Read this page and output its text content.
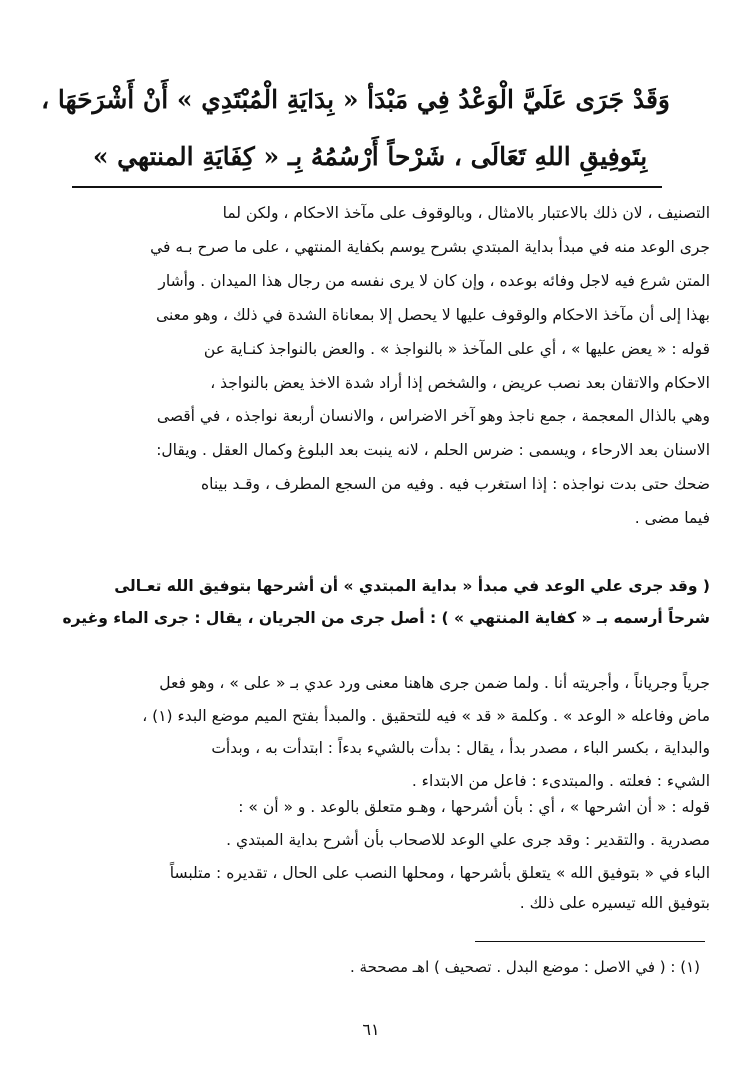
وَقَدْ جَرَى عَلَيَّ الْوَعْدُ فِي مَبْدَأ « بِدَايَةِ الْمُبْتَدِي » أَنْ أَشْرَحَهَا ،
بِتَوفِيقِ اللهِ تَعَالَى ، شَرْحاً أَرْسُمُهُ بِـ « كِفَايَةِ المنتهي »
التصنيف ، لان ذلك بالاعتبار بالامثال ، وبالوقوف على مآخذ الاحكام ، ولكن لما
جرى الوعد منه في مبدأ بداية المبتدي بشرح يوسم بكفاية المنتهي ، على ما صرح بـه في
المتن شرع فيه لاجل وفائه بوعده ، وإن كان لا يرى نفسه من رجال هذا الميدان . وأشار
بهذا إلى أن مآخذ الاحكام والوقوف عليها لا يحصل إلا بمعاناة الشدة في ذلك ، وهو معنى
قوله : « يعض عليها » ، أي على المآخذ « بالنواجذ » . والعض بالنواجذ كنـاية عن
الاحكام والاتقان بعد نصب عريض ، والشخص إذا أراد شدة الاخذ يعض بالنواجذ ،
وهي بالذال المعجمة ، جمع ناجذ وهو آخر الاضراس ، والانسان أربعة نواجذه ، في أقصى
الاسنان بعد الارحاء ، ويسمى : ضرس الحلم ، لانه ينبت بعد البلوغ وكمال العقل . ويقال:
ضحك حتى بدت نواجذه : إذا استغرب فيه . وفيه من السجع المطرف ، وقـد بيناه
فيما مضى .
( وقد جرى علي الوعد في مبدأ « بداية المبتدي » أن أشرحها بتوفيق الله تعـالى
شرحاً أرسمه بـ « كفاية المنتهي » ) : أصل جرى من الجريان ، يقال : جرى الماء وغيره
جرياً وجرياناً ، وأجريته أنا . ولما ضمن جرى هاهنا معنى ورد عدي بـ « على » ، وهو فعل
ماض وفاعله « الوعد » . وكلمة « قد » فيه للتحقيق . والمبدأ بفتح الميم موضع البدء (١) ،
والبداية ، بكسر الباء ، مصدر بدأ ، يقال : بدأت بالشيء بدءاً : ابتدأت به ، وبدأت
الشيء : فعلته . والمبتدىء : فاعل من الابتداء .
قوله : « أن اشرحها » ، أي : بأن أشرحها ، وهـو متعلق بالوعد . و « أن » :
مصدرية . والتقدير : وقد جرى علي الوعد للاصحاب بأن أشرح بداية المبتدي .
الباء في « بتوفيق الله » يتعلق بأشرحها ، ومحلها النصب على الحال ، تقديره : متلبساً
بتوفيق الله تيسيره على ذلك .
(١) : ( في الاصل : موضع البدل . تصحيف ) اهـ مصححة .
٦١
